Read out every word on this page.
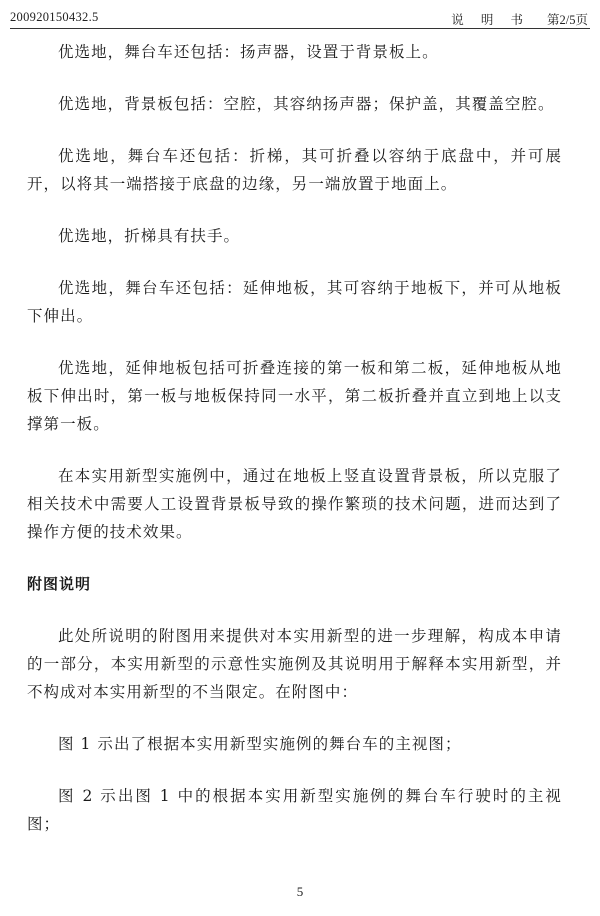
200920150432.5	说 明 书 第2/5页

优选地，舞台车还包括：扬声器，设置于背景板上。

优选地，背景板包括：空腔，其容纳扬声器；保护盖，其覆盖空腔。

优选地，舞台车还包括：折梯，其可折叠以容纳于底盘中，并可展开，以将其一端搭接于底盘的边缘，另一端放置于地面上。

优选地，折梯具有扶手。

优选地，舞台车还包括：延伸地板，其可容纳于地板下，并可从地板下伸出。

优选地，延伸地板包括可折叠连接的第一板和第二板，延伸地板从地板下伸出时，第一板与地板保持同一水平，第二板折叠并直立到地上以支撑第一板。

在本实用新型实施例中，通过在地板上竖直设置背景板，所以克服了相关技术中需要人工设置背景板导致的操作繁琐的技术问题，进而达到了操作方便的技术效果。

附图说明

此处所说明的附图用来提供对本实用新型的进一步理解，构成本申请的一部分，本实用新型的示意性实施例及其说明用于解释本实用新型，并不构成对本实用新型的不当限定。在附图中：

图 1 示出了根据本实用新型实施例的舞台车的主视图；

图 2 示出图 1 中的根据本实用新型实施例的舞台车行驶时的主视图；

5
